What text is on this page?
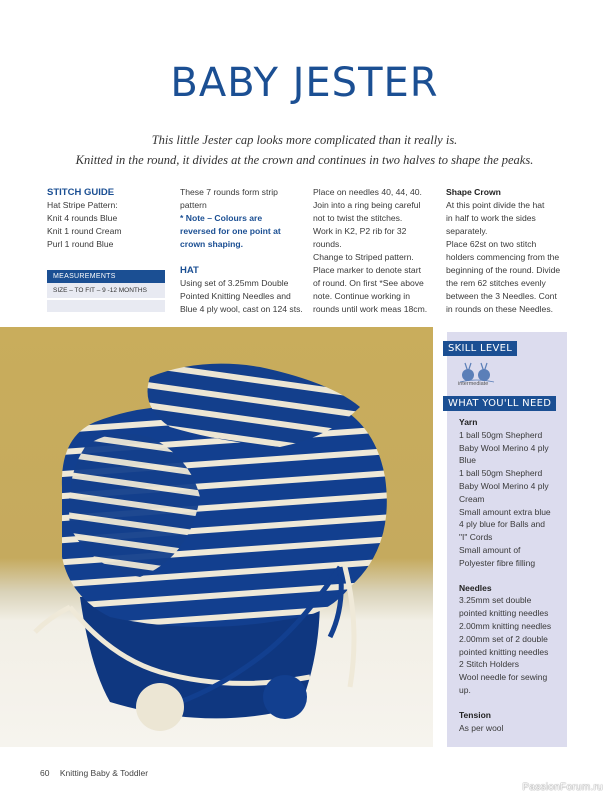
BABY JESTER
This little Jester cap looks more complicated than it really is.
Knitted in the round, it divides at the crown and continues in two halves to shape the peaks.

STITCH GUIDE

Hat Stripe Pattern:

Knit 4 rounds Blue

Knit 1 round Cream

Purl 1 round Blue

MEASUREMENTS
SIZE – TO FIT – 9 -12 MONTHS

These 7 rounds form strip

pattern

* Note – Colours are

reversed for one point at

crown shaping.

HAT

Using set of 3.25mm Double

Pointed Knitting Needles and

Blue 4 ply wool, cast on 124 sts.

Place on needles 40, 44, 40.

Join into a ring being careful

not to twist the stitches.

Work in K2, P2 rib for 32

rounds.

Change to Striped pattern.

Place marker to denote start

of round. On first *See above

note. Continue working in

rounds until work meas 18cm.

Shape Crown

At this point divide the hat

in half to work the sides

separately.

Place 62st on two stitch

holders commencing from the

beginning of the round. Divide

the rem 62 stitches evenly

between the 3 Needles. Cont

in rounds on these Needles.

SKILL LEVEL
intermediate
WHAT YOU'LL NEED

Yarn

1 ball 50gm Shepherd

Baby Wool Merino 4 ply

Blue

1 ball 50gm Shepherd

Baby Wool Merino 4 ply

Cream

Small amount extra blue

4 ply blue for Balls and

"I" Cords

Small amount of

Polyester fibre filling

Needles

3.25mm set double

pointed knitting needles

2.00mm knitting needles

2.00mm set of 2 double

pointed knitting needles

2 Stitch Holders

Wool needle for sewing

up.

Tension

As per wool

60 Knitting Baby & Toddler
PassionForum.ru
